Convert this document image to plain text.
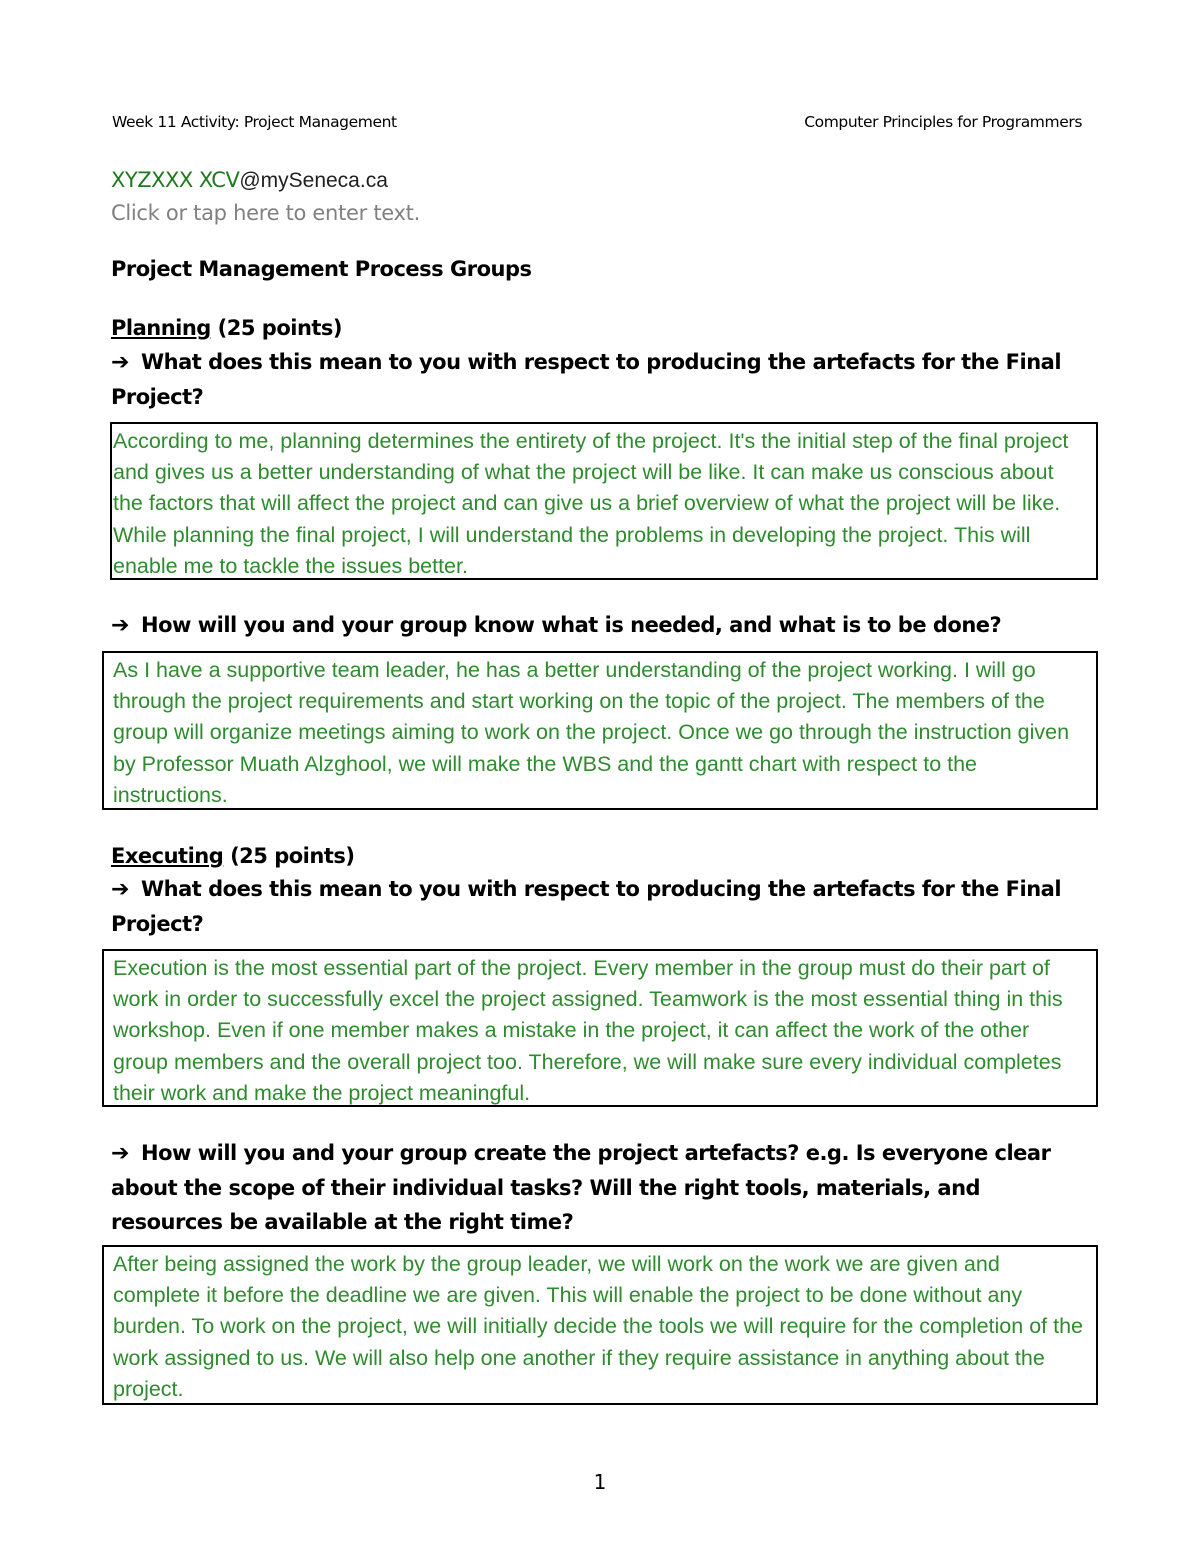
Week 11 Activity: Project Management	Computer Principles for Programmers
XYZXXX XCV@mySeneca.ca
Click or tap here to enter text.
Project Management Process Groups
Planning (25 points)
➔ What does this mean to you with respect to producing the artefacts for the Final Project?
According to me, planning determines the entirety of the project. It's the initial step of the final project and gives us a better understanding of what the project will be like. It can make us conscious about the factors that will affect the project and can give us a brief overview of what the project will be like. While planning the final project, I will understand the problems in developing the project. This will enable me to tackle the issues better.
➔ How will you and your group know what is needed, and what is to be done?
As I have a supportive team leader, he has a better understanding of the project working. I will go through the project requirements and start working on the topic of the project. The members of the group will organize meetings aiming to work on the project. Once we go through the instruction given by Professor Muath Alzghool, we will make the WBS and the gantt chart with respect to the instructions.
Executing (25 points)
➔ What does this mean to you with respect to producing the artefacts for the Final Project?
Execution is the most essential part of the project. Every member in the group must do their part of work in order to successfully excel the project assigned. Teamwork is the most essential thing in this workshop. Even if one member makes a mistake in the project, it can affect the work of the other group members and the overall project too. Therefore, we will make sure every individual completes their work and make the project meaningful.
➔ How will you and your group create the project artefacts? e.g. Is everyone clear about the scope of their individual tasks? Will the right tools, materials, and resources be available at the right time?
After being assigned the work by the group leader, we will work on the work we are given and complete it before the deadline we are given. This will enable the project to be done without any burden. To work on the project, we will initially decide the tools we will require for the completion of the work assigned to us. We will also help one another if they require assistance in anything about the project.
1
